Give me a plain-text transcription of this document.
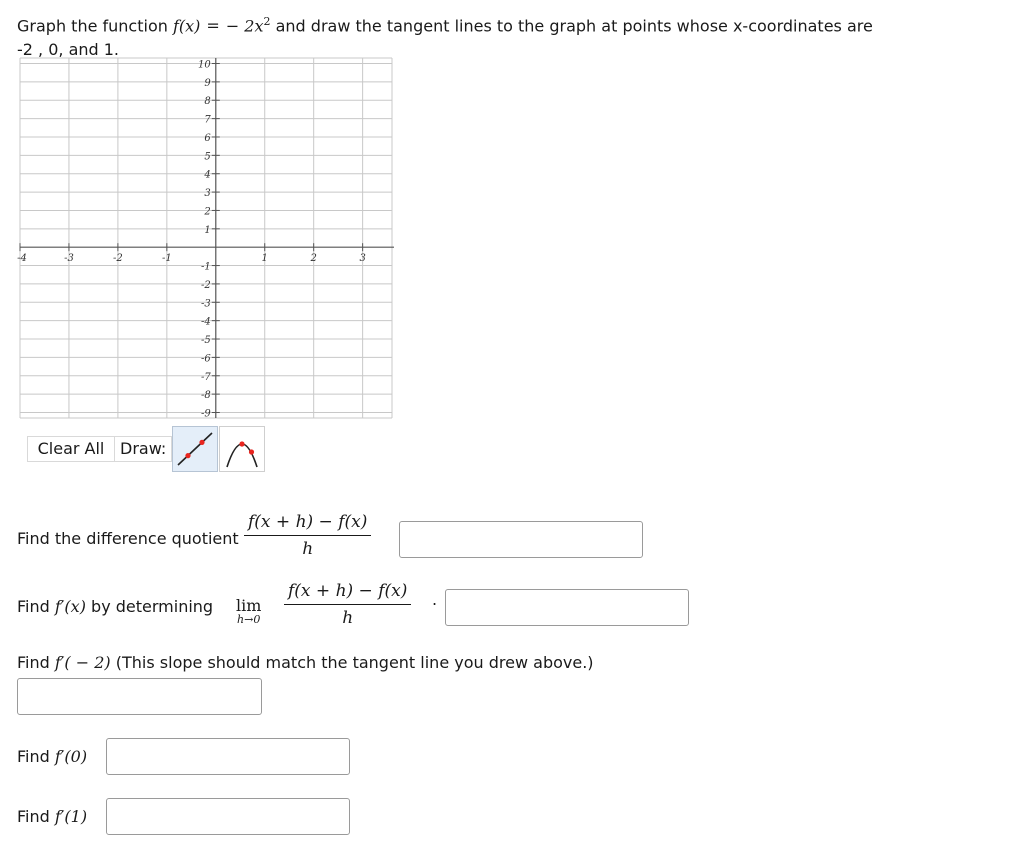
Graph the function f(x) = − $2x^2$ and draw the tangent lines to the graph at points whose x-coordinates are
-2 , 0, and 1.
-4	-3	-2	-1	1	2	3
10
9
8
7
6
5
4
3
2
1
-1
-2
-3
-4
-5
-6
-7
-8
-9
Clear All Draw:
Find the difference quotient $\frac{f(x + h) - f(x)}{h}$
Find f′(x) by determining lim
$h\to 0 \frac{f(x + h) - f(x)}{h}$ .
Find f′( − 2) (This slope should match the tangent line you drew above.)
Find f′(0)
Find f′(1)
